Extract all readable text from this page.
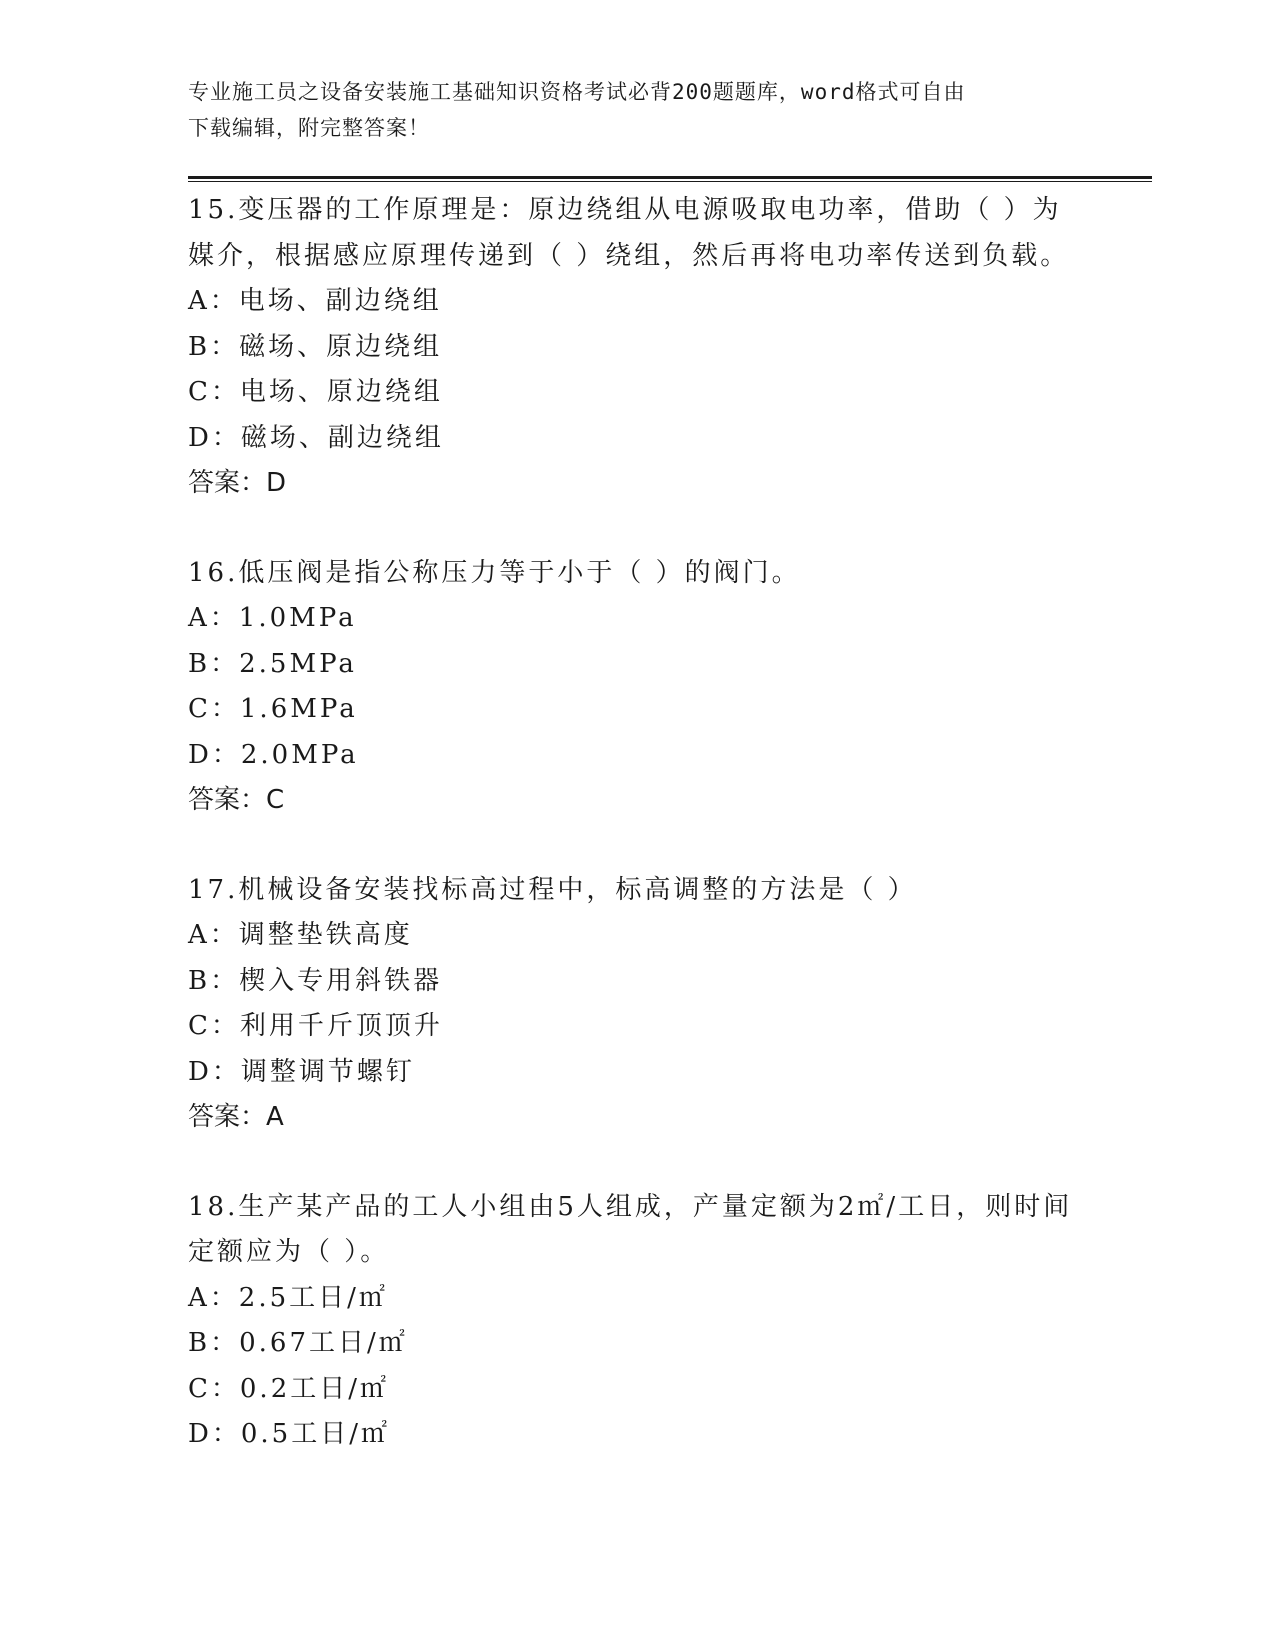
专业施工员之设备安装施工基础知识资格考试必背200题题库，word格式可自由
下载编辑，附完整答案！

15.变压器的工作原理是：原边绕组从电源吸取电功率，借助（ ）为

媒介，根据感应原理传递到（ ）绕组，然后再将电功率传送到负载。

A：电场、副边绕组

B：磁场、原边绕组

C：电场、原边绕组

D：磁场、副边绕组

答案：D

16.低压阀是指公称压力等于小于（ ）的阀门。

A：1.0MPa

B：2.5MPa

C：1.6MPa

D：2.0MPa

答案：C

17.机械设备安装找标高过程中，标高调整的方法是（ ）

A：调整垫铁高度

B：楔入专用斜铁器

C：利用千斤顶顶升

D：调整调节螺钉

答案：A

18.生产某产品的工人小组由5人组成，产量定额为2㎡/工日，则时间

定额应为（ ）。

A：2.5工日/㎡

B：0.67工日/㎡

C：0.2工日/㎡

D：0.5工日/㎡
